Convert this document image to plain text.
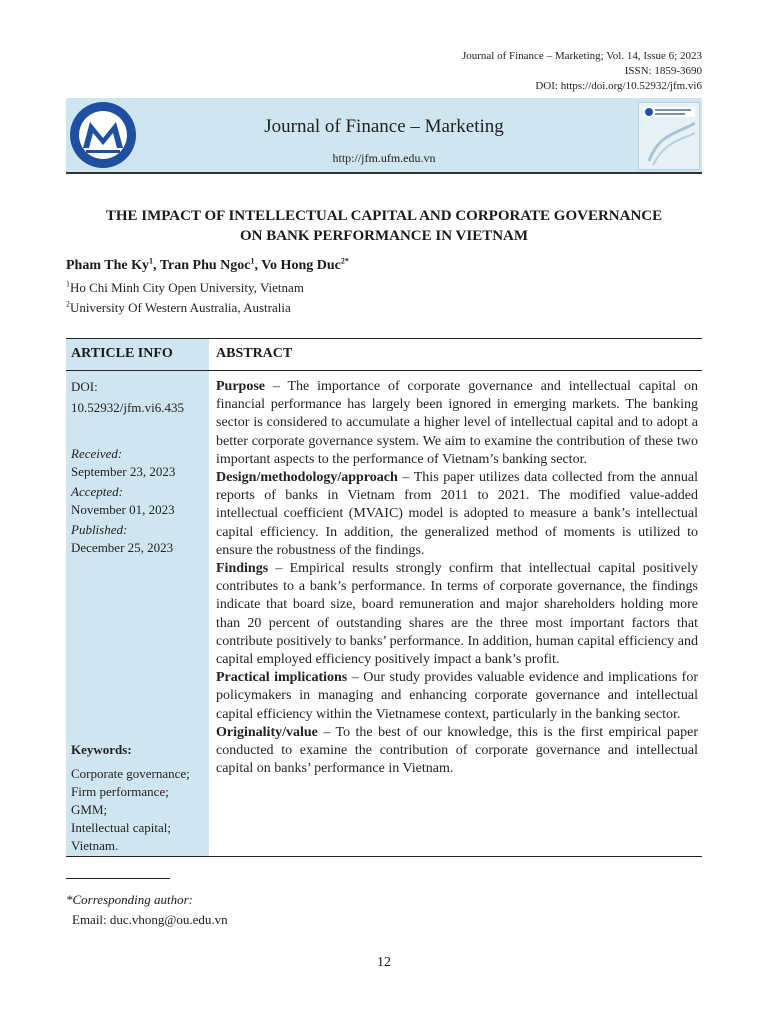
Journal of Finance – Marketing; Vol. 14, Issue 6; 2023
ISSN: 1859-3690
DOI: https://doi.org/10.52932/jfm.vi6
Journal of Finance – Marketing
http://jfm.ufm.edu.vn
THE IMPACT OF INTELLECTUAL CAPITAL AND CORPORATE GOVERNANCE
ON BANK PERFORMANCE IN VIETNAM
Pham The Ky$^1$, Tran Phu Ngoc$^1$, Vo Hong Duc$^{2*}$
$^1$Ho Chi Minh City Open University, Vietnam
$^2$University Of Western Australia, Australia
ARTICLE INFO	ABSTRACT
DOI:
10.52932/jfm.vi6.435
Received:
September 23, 2023
Accepted:
November 01, 2023
Published:
December 25, 2023
Keywords:
Corporate governance;
Firm performance;
GMM;
Intellectual capital;
Vietnam.

Purpose – The importance of corporate governance and intellectual capital on financial performance has largely been ignored in emerging markets. The banking sector is considered to accumulate a higher level of intellectual capital and to adopt a better corporate governance system. We aim to examine the contribution of these two important aspects to the performance of Vietnam’s banking sector.

Design/methodology/approach – This paper utilizes data collected from the annual reports of banks in Vietnam from 2011 to 2021. The modified value-added intellectual coefficient (MVAIC) model is adopted to measure a bank’s intellectual capital efficiency. In addition, the generalized method of moments is utilized to ensure the robustness of the findings.

Findings – Empirical results strongly confirm that intellectual capital positively contributes to a bank’s performance. In terms of corporate governance, the findings indicate that board size, board remuneration and major shareholders holding more than 20 percent of outstanding shares are the three most important factors that contribute positively to banks’ performance. In addition, human capital efficiency and capital employed efficiency positively impact a bank’s profit.

Practical implications – Our study provides valuable evidence and implications for policymakers in managing and enhancing corporate governance and intellectual capital efficiency within the Vietnamese context, particularly in the banking sector.

Originality/value – To the best of our knowledge, this is the first empirical paper conducted to examine the contribution of corporate governance and intellectual capital on banks’ performance in Vietnam.

*Corresponding author:
Email: duc.vhong@ou.edu.vn
12
